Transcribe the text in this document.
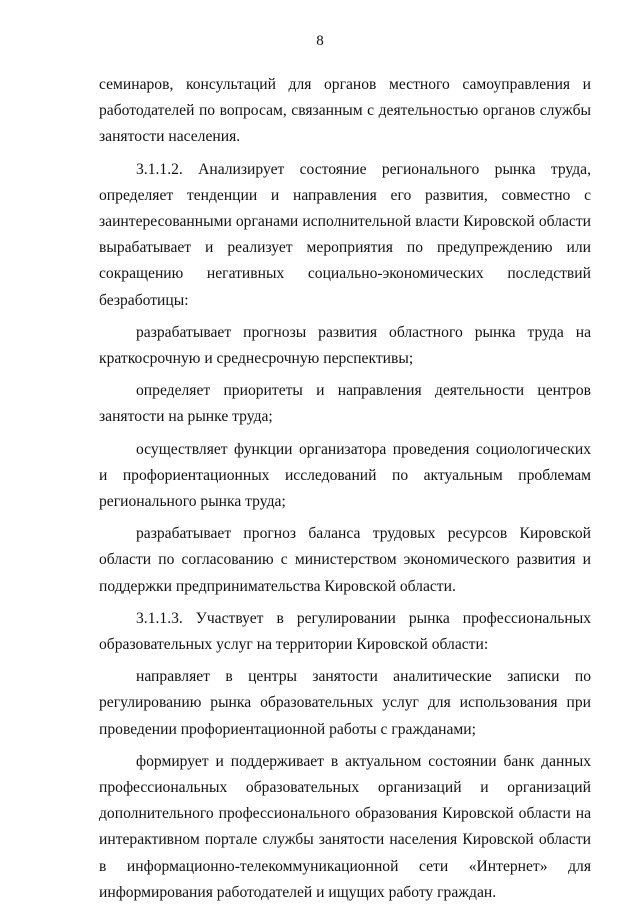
8

семинаров, консультаций для органов местного самоуправления и работодателей по вопросам, связанным с деятельностью органов службы занятости населения.

3.1.1.2. Анализирует состояние регионального рынка труда, определяет тенденции и направления его развития, совместно с заинтересованными органами исполнительной власти Кировской области вырабатывает и реализует мероприятия по предупреждению или сокращению негативных социально-экономических последствий безработицы:

разрабатывает прогнозы развития областного рынка труда на краткосрочную и среднесрочную перспективы;

определяет приоритеты и направления деятельности центров занятости на рынке труда;

осуществляет функции организатора проведения социологических и профориентационных исследований по актуальным проблемам регионального рынка труда;

разрабатывает прогноз баланса трудовых ресурсов Кировской области по согласованию с министерством экономического развития и поддержки предпринимательства Кировской области.

3.1.1.3. Участвует в регулировании рынка профессиональных образовательных услуг на территории Кировской области:

направляет в центры занятости аналитические записки по регулированию рынка образовательных услуг для использования при проведении профориентационной работы с гражданами;

формирует и поддерживает в актуальном состоянии банк данных профессиональных образовательных организаций и организаций дополнительного профессионального образования Кировской области на интерактивном портале службы занятости населения Кировской области в информационно-телекоммуникационной сети «Интернет» для информирования работодателей и ищущих работу граждан.
